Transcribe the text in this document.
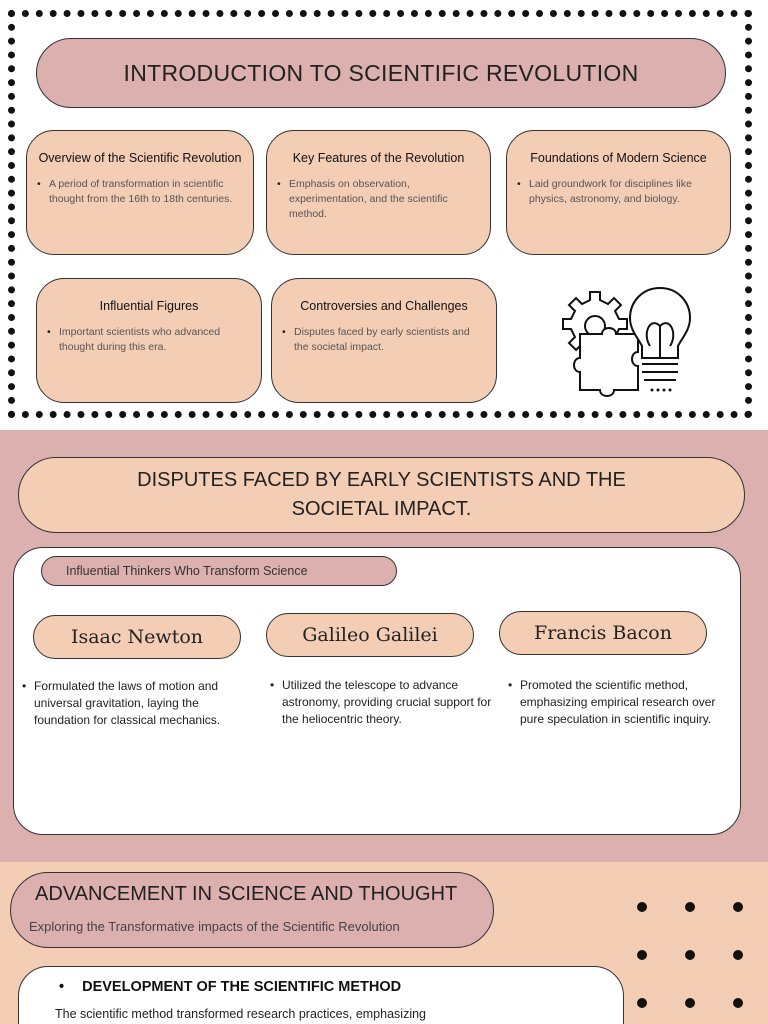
INTRODUCTION TO SCIENTIFIC REVOLUTION
Overview of the Scientific Revolution
• A period of transformation in scientific thought from the 16th to 18th centuries.
Key Features of the Revolution
• Emphasis on observation, experimentation, and the scientific method.
Foundations of Modern Science
• Laid groundwork for disciplines like physics, astronomy, and biology.
Influential Figures
• Important scientists who advanced thought during this era.
Controversies and Challenges
• Disputes faced by early scientists and the societal impact.
DISPUTES FACED BY EARLY SCIENTISTS AND THE SOCIETAL IMPACT.
Influential Thinkers Who Transform Science
Isaac Newton	Galileo Galilei	Francis Bacon
• Formulated the laws of motion and universal gravitation, laying the foundation for classical mechanics.
• Utilized the telescope to advance astronomy, providing crucial support for the heliocentric theory.
• Promoted the scientific method, emphasizing empirical research over pure speculation in scientific inquiry.
ADVANCEMENT IN SCIENCE AND THOUGHT
Exploring the Transformative impacts of the Scientific Revolution
• DEVELOPMENT OF THE SCIENTIFIC METHOD
The scientific method transformed research practices, emphasizing
